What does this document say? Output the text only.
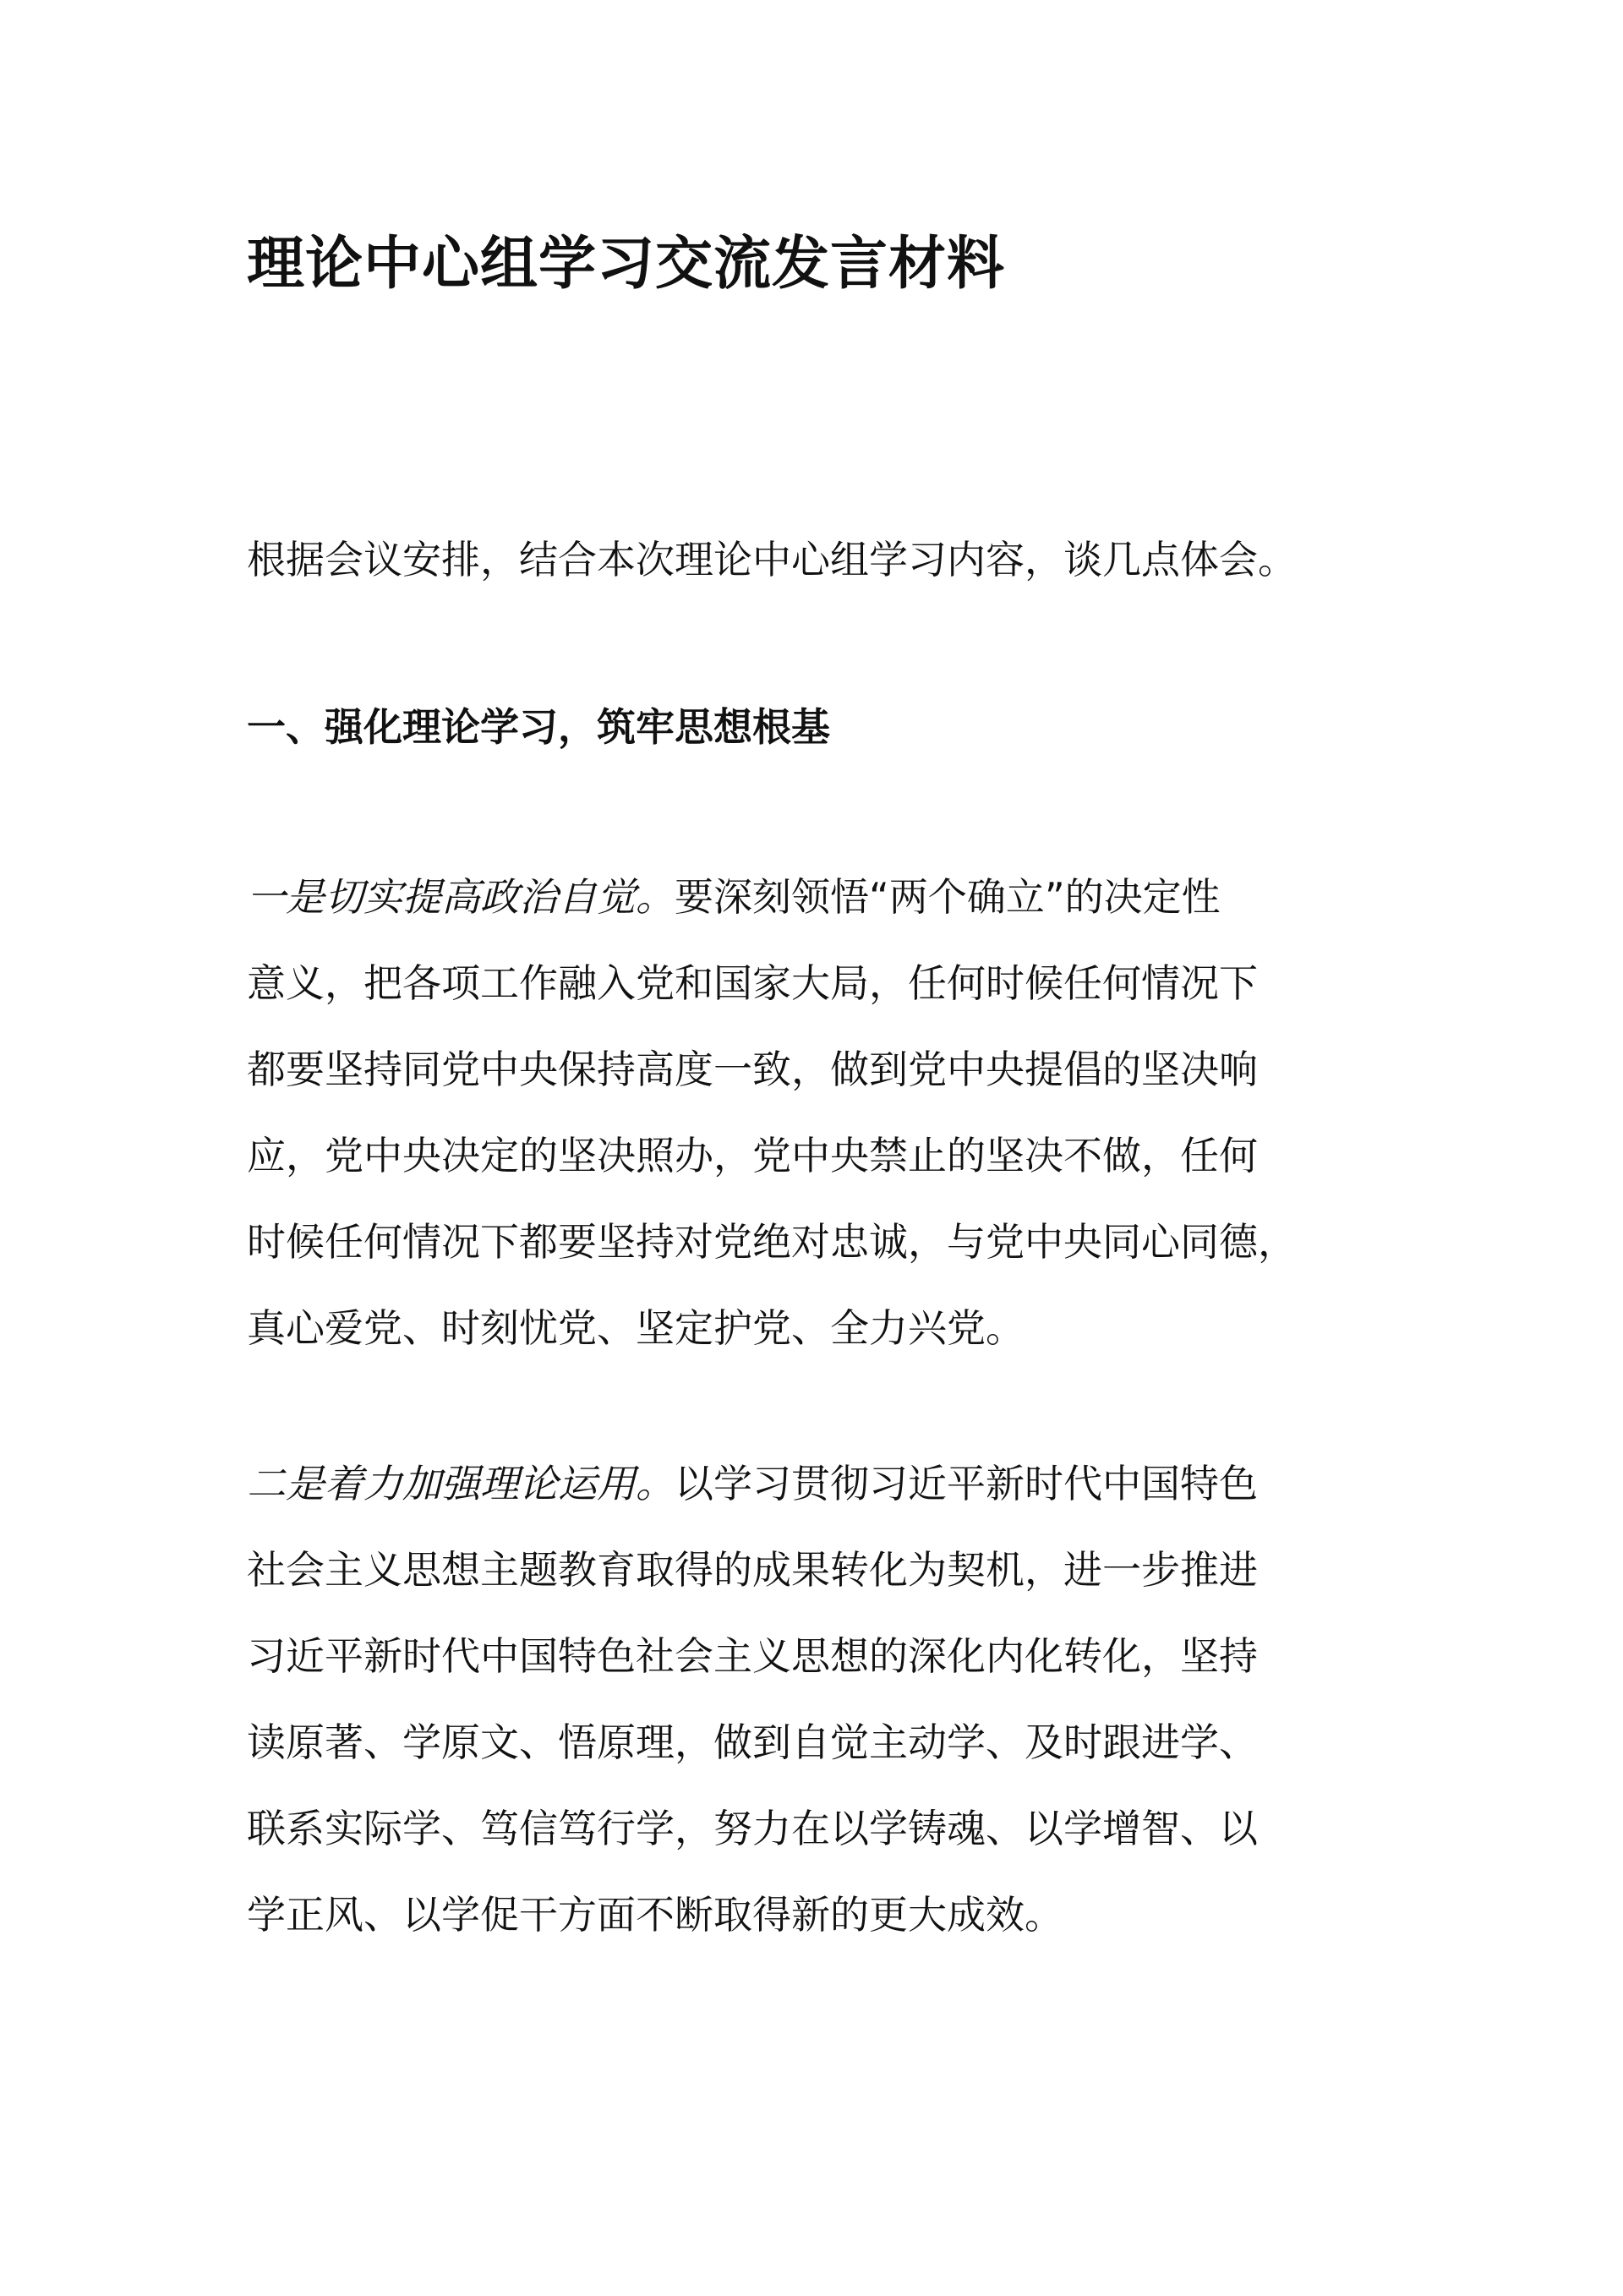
理论中心组学习交流发言材料

根据会议安排，结合本次理论中心组学习内容，谈几点体会。

一、强化理论学习，筑牢思想根基
一是切实提高政治自觉。要深刻领悟“两个确立”的决定性
意义，把各项工作融入党和国家大局，任何时候任何情况下
都要坚持同党中央保持高度一致，做到党中央提倡的坚决响
应，党中央决定的坚决照办，党中央禁止的坚决不做，任何
时候任何情况下都要坚持对党绝对忠诚，与党中央同心同德，
真心爱党、时刻忧党、坚定护党、全力兴党。
二是着力加强理论运用。以学习贯彻习近平新时代中国特色
社会主义思想主题教育取得的成果转化为契机，进一步推进
习近平新时代中国特色社会主义思想的深化内化转化，坚持
读原著、学原文、悟原理，做到自觉主动学、及时跟进学、
联系实际学、笃信笃行学，努力在以学铸魂、以学增智、以
学正风、以学促干方面不断取得新的更大成效。
